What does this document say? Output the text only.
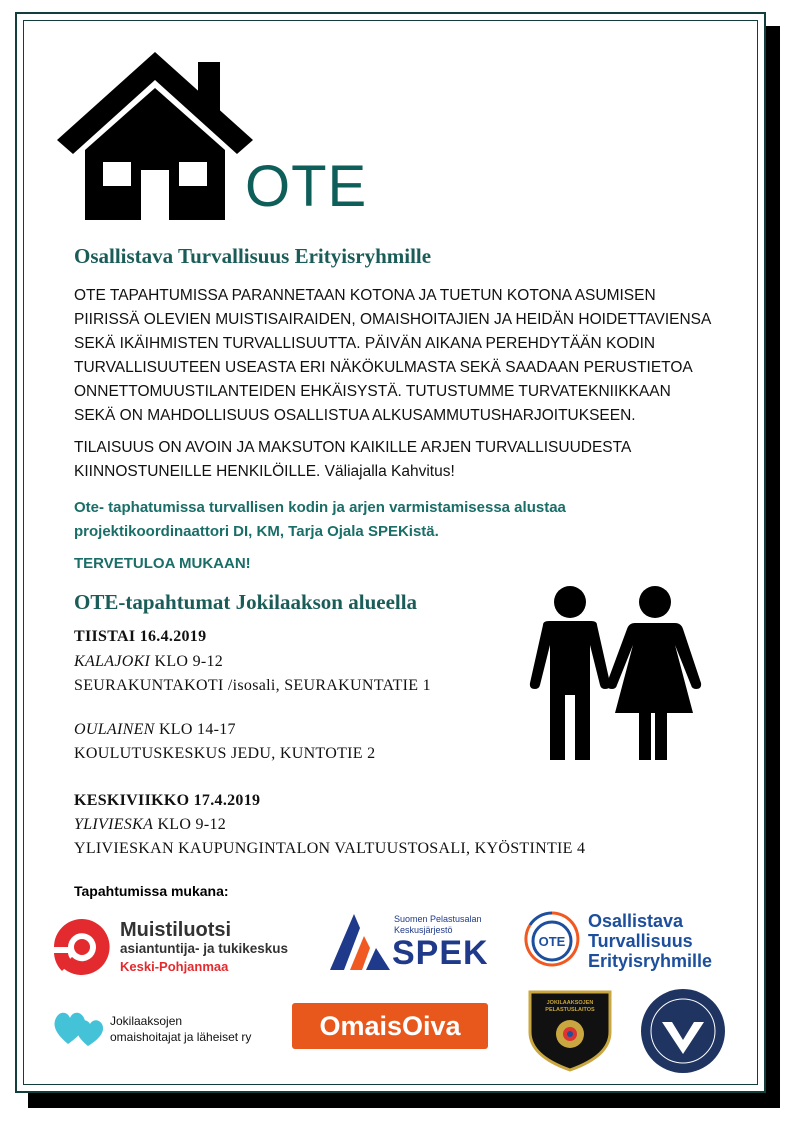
OTE
Osallistava Turvallisuus Erityisryhmille
OTE TAPAHTUMISSA PARANNETAAN KOTONA JA TUETUN KOTONA ASUMISEN
PIIRISSÄ OLEVIEN MUISTISAIRAIDEN, OMAISHOITAJIEN JA HEIDÄN HOIDETTAVIENSA
SEKÄ IKÄIHMISTEN TURVALLISUUTTA. PÄIVÄN AIKANA PEREHDYTÄÄN KODIN
TURVALLISUUTEEN USEASTA ERI NÄKÖKULMASTA SEKÄ SAADAAN PERUSTIETOA
ONNETTOMUUSTILANTEIDEN EHKÄISYSTÄ. TUTUSTUMME TURVATEKNIIKKAAN
SEKÄ ON MAHDOLLISUUS OSALLISTUA ALKUSAMMUTUSHARJOITUKSEEN.
TILAISUUS ON AVOIN JA MAKSUTON KAIKILLE ARJEN TURVALLISUUDESTA
KIINNOSTUNEILLE HENKILÖILLE. Väliajalla Kahvitus!
Ote- taphatumissa turvallisen kodin ja arjen varmistamisessa alustaa
projektikoordinaattori DI, KM, Tarja Ojala SPEKistä.
TERVETULOA MUKAAN!
OTE-tapahtumat Jokilaakson alueella
TIISTAI 16.4.2019
KALAJOKI KLO 9-12
SEURAKUNTAKOTI /isosali, SEURAKUNTATIE 1
OULAINEN KLO 14-17
KOULUTUSKESKUS JEDU, KUNTOTIE 2
KESKIVIIKKO 17.4.2019
YLIVIESKA KLO 9-12
YLIVIESKAN KAUPUNGINTALON VALTUUSTOSALI, KYÖSTINTIE 4
Tapahtumissa mukana:
Muistiluotsi
asiantuntija- ja tukikeskus
Keski-Pohjanmaa
Suomen Pelastusalan
Keskusjärjestö
SPEK	OTE
Osallistava
Turvallisuus
Erityisryhmille
Jokilaaksojen
omaishoitajat ja läheiset ry	OmaisOiva
JOKILAAKSOJEN
PELASTUSLAITOS
